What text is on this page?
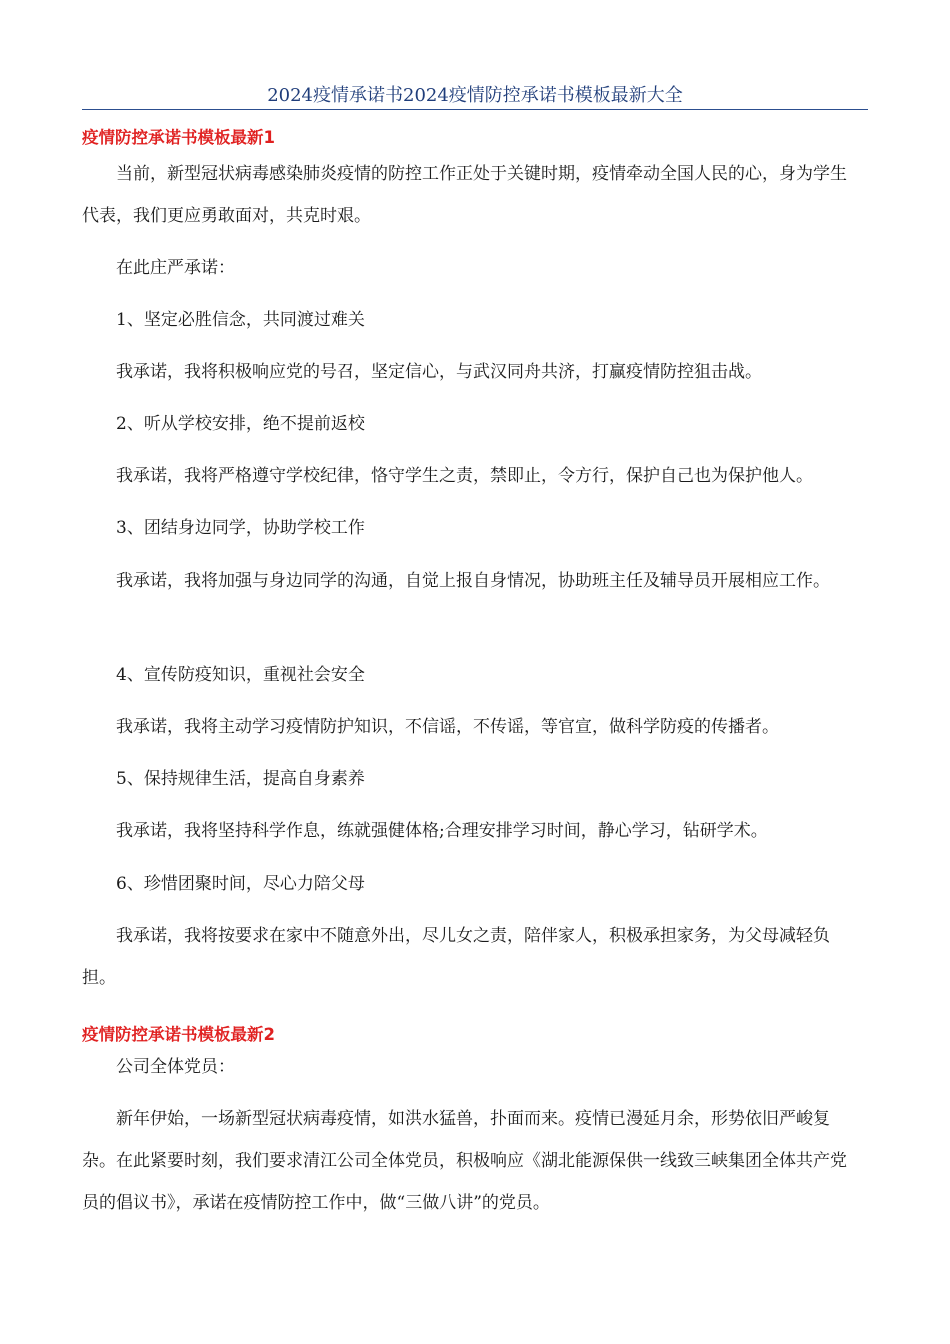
2024疫情承诺书2024疫情防控承诺书模板最新大全
疫情防控承诺书模板最新1

当前，新型冠状病毒感染肺炎疫情的防控工作正处于关键时期，疫情牵动全国人民的心，身为学生代表，我们更应勇敢面对，共克时艰。

在此庄严承诺：

1、坚定必胜信念，共同渡过难关

我承诺，我将积极响应党的号召，坚定信心，与武汉同舟共济，打赢疫情防控狙击战。

2、听从学校安排，绝不提前返校

我承诺，我将严格遵守学校纪律，恪守学生之责，禁即止，令方行，保护自己也为保护他人。

3、团结身边同学，协助学校工作

我承诺，我将加强与身边同学的沟通，自觉上报自身情况，协助班主任及辅导员开展相应工作。

4、宣传防疫知识，重视社会安全

我承诺，我将主动学习疫情防护知识，不信谣，不传谣，等官宣，做科学防疫的传播者。

5、保持规律生活，提高自身素养

我承诺，我将坚持科学作息，练就强健体格;合理安排学习时间，静心学习，钻研学术。

6、珍惜团聚时间，尽心力陪父母

我承诺，我将按要求在家中不随意外出，尽儿女之责，陪伴家人，积极承担家务，为父母减轻负担。

疫情防控承诺书模板最新2

公司全体党员：

新年伊始，一场新型冠状病毒疫情，如洪水猛兽，扑面而来。疫情已漫延月余，形势依旧严峻复杂。在此紧要时刻，我们要求清江公司全体党员，积极响应《湖北能源保供一线致三峡集团全体共产党员的倡议书》，承诺在疫情防控工作中，做“三做八讲”的党员。
